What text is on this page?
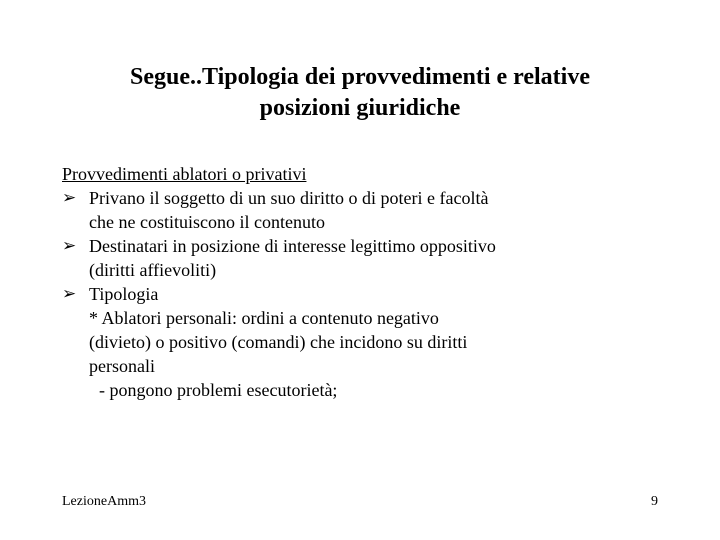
Segue..Tipologia dei provvedimenti e relative
posizioni giuridiche
Provvedimenti ablatori o privativi
➢ Privano il soggetto di un suo diritto o di poteri e facoltà
che ne costituiscono il contenuto
➢ Destinatari in posizione di interesse legittimo oppositivo
(diritti affievoliti)
➢ Tipologia
* Ablatori personali: ordini a contenuto negativo
(divieto) o positivo (comandi) che incidono su diritti
personali
- pongono problemi esecutorietà;
LezioneAmm3	9
